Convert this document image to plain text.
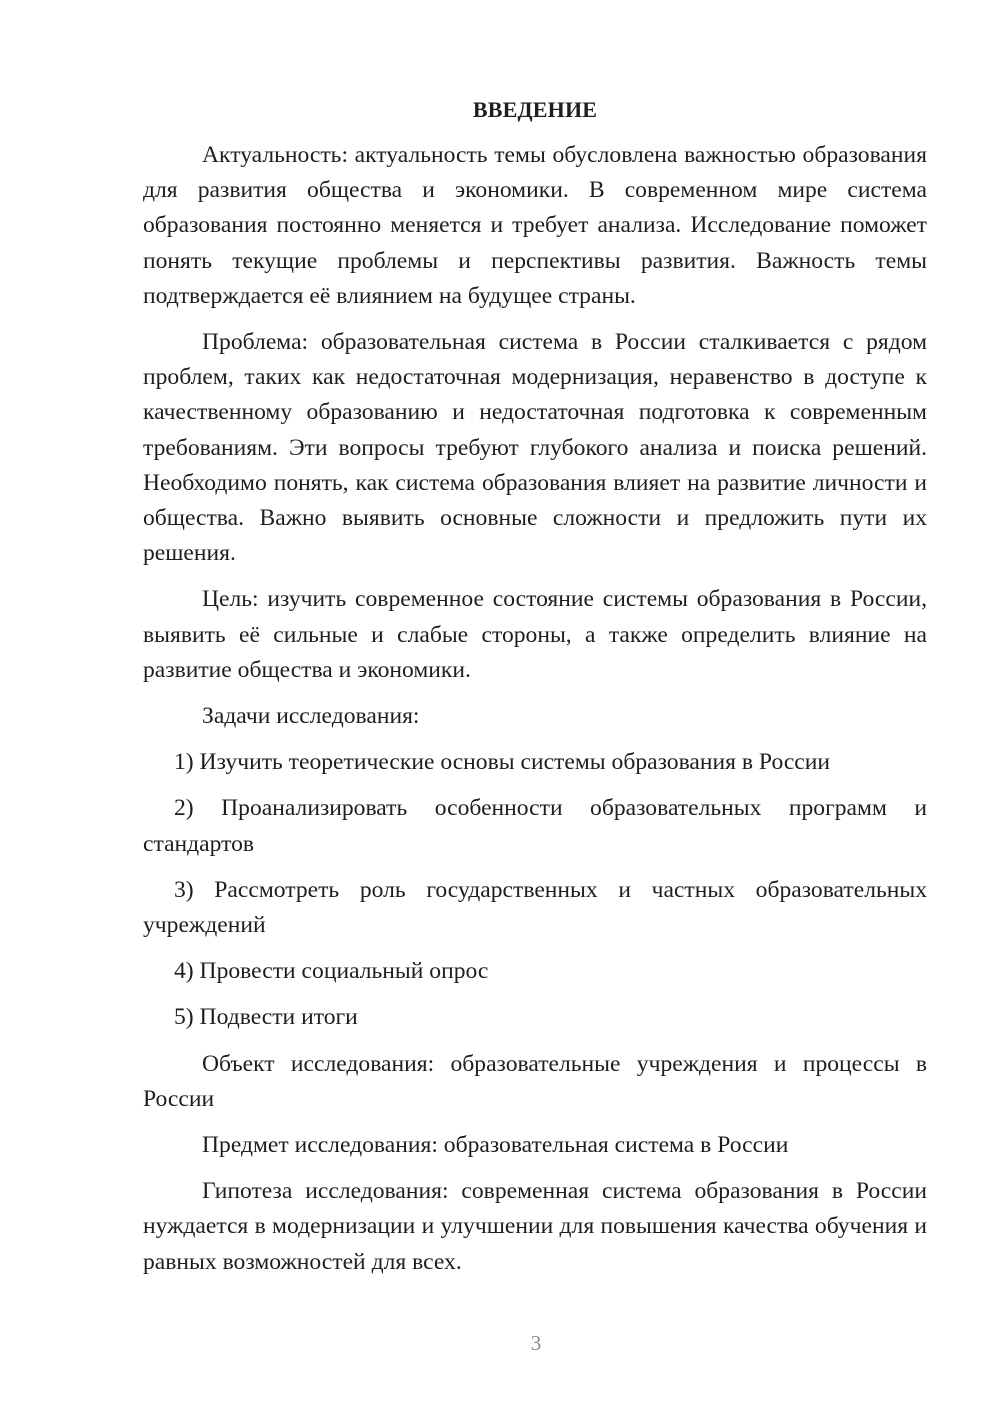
ВВЕДЕНИЕ

Актуальность: актуальность темы обусловлена важностью образования для развития общества и экономики. В современном мире система образования постоянно меняется и требует анализа. Исследование поможет понять текущие проблемы и перспективы развития. Важность темы подтверждается её влиянием на будущее страны.

Проблема: образовательная система в России сталкивается с рядом проблем, таких как недостаточная модернизация, неравенство в доступе к качественному образованию и недостаточная подготовка к современным требованиям. Эти вопросы требуют глубокого анализа и поиска решений. Необходимо понять, как система образования влияет на развитие личности и общества. Важно выявить основные сложности и предложить пути их решения.

Цель: изучить современное состояние системы образования в России, выявить её сильные и слабые стороны, а также определить влияние на развитие общества и экономики.

Задачи исследования:

1) Изучить теоретические основы системы образования в России

2) Проанализировать особенности образовательных программ и стандартов

3) Рассмотреть роль государственных и частных образовательных учреждений

4) Провести социальный опрос

5) Подвести итоги

Объект исследования: образовательные учреждения и процессы в России

Предмет исследования: образовательная система в России

Гипотеза исследования: современная система образования в России нуждается в модернизации и улучшении для повышения качества обучения и равных возможностей для всех.

3
